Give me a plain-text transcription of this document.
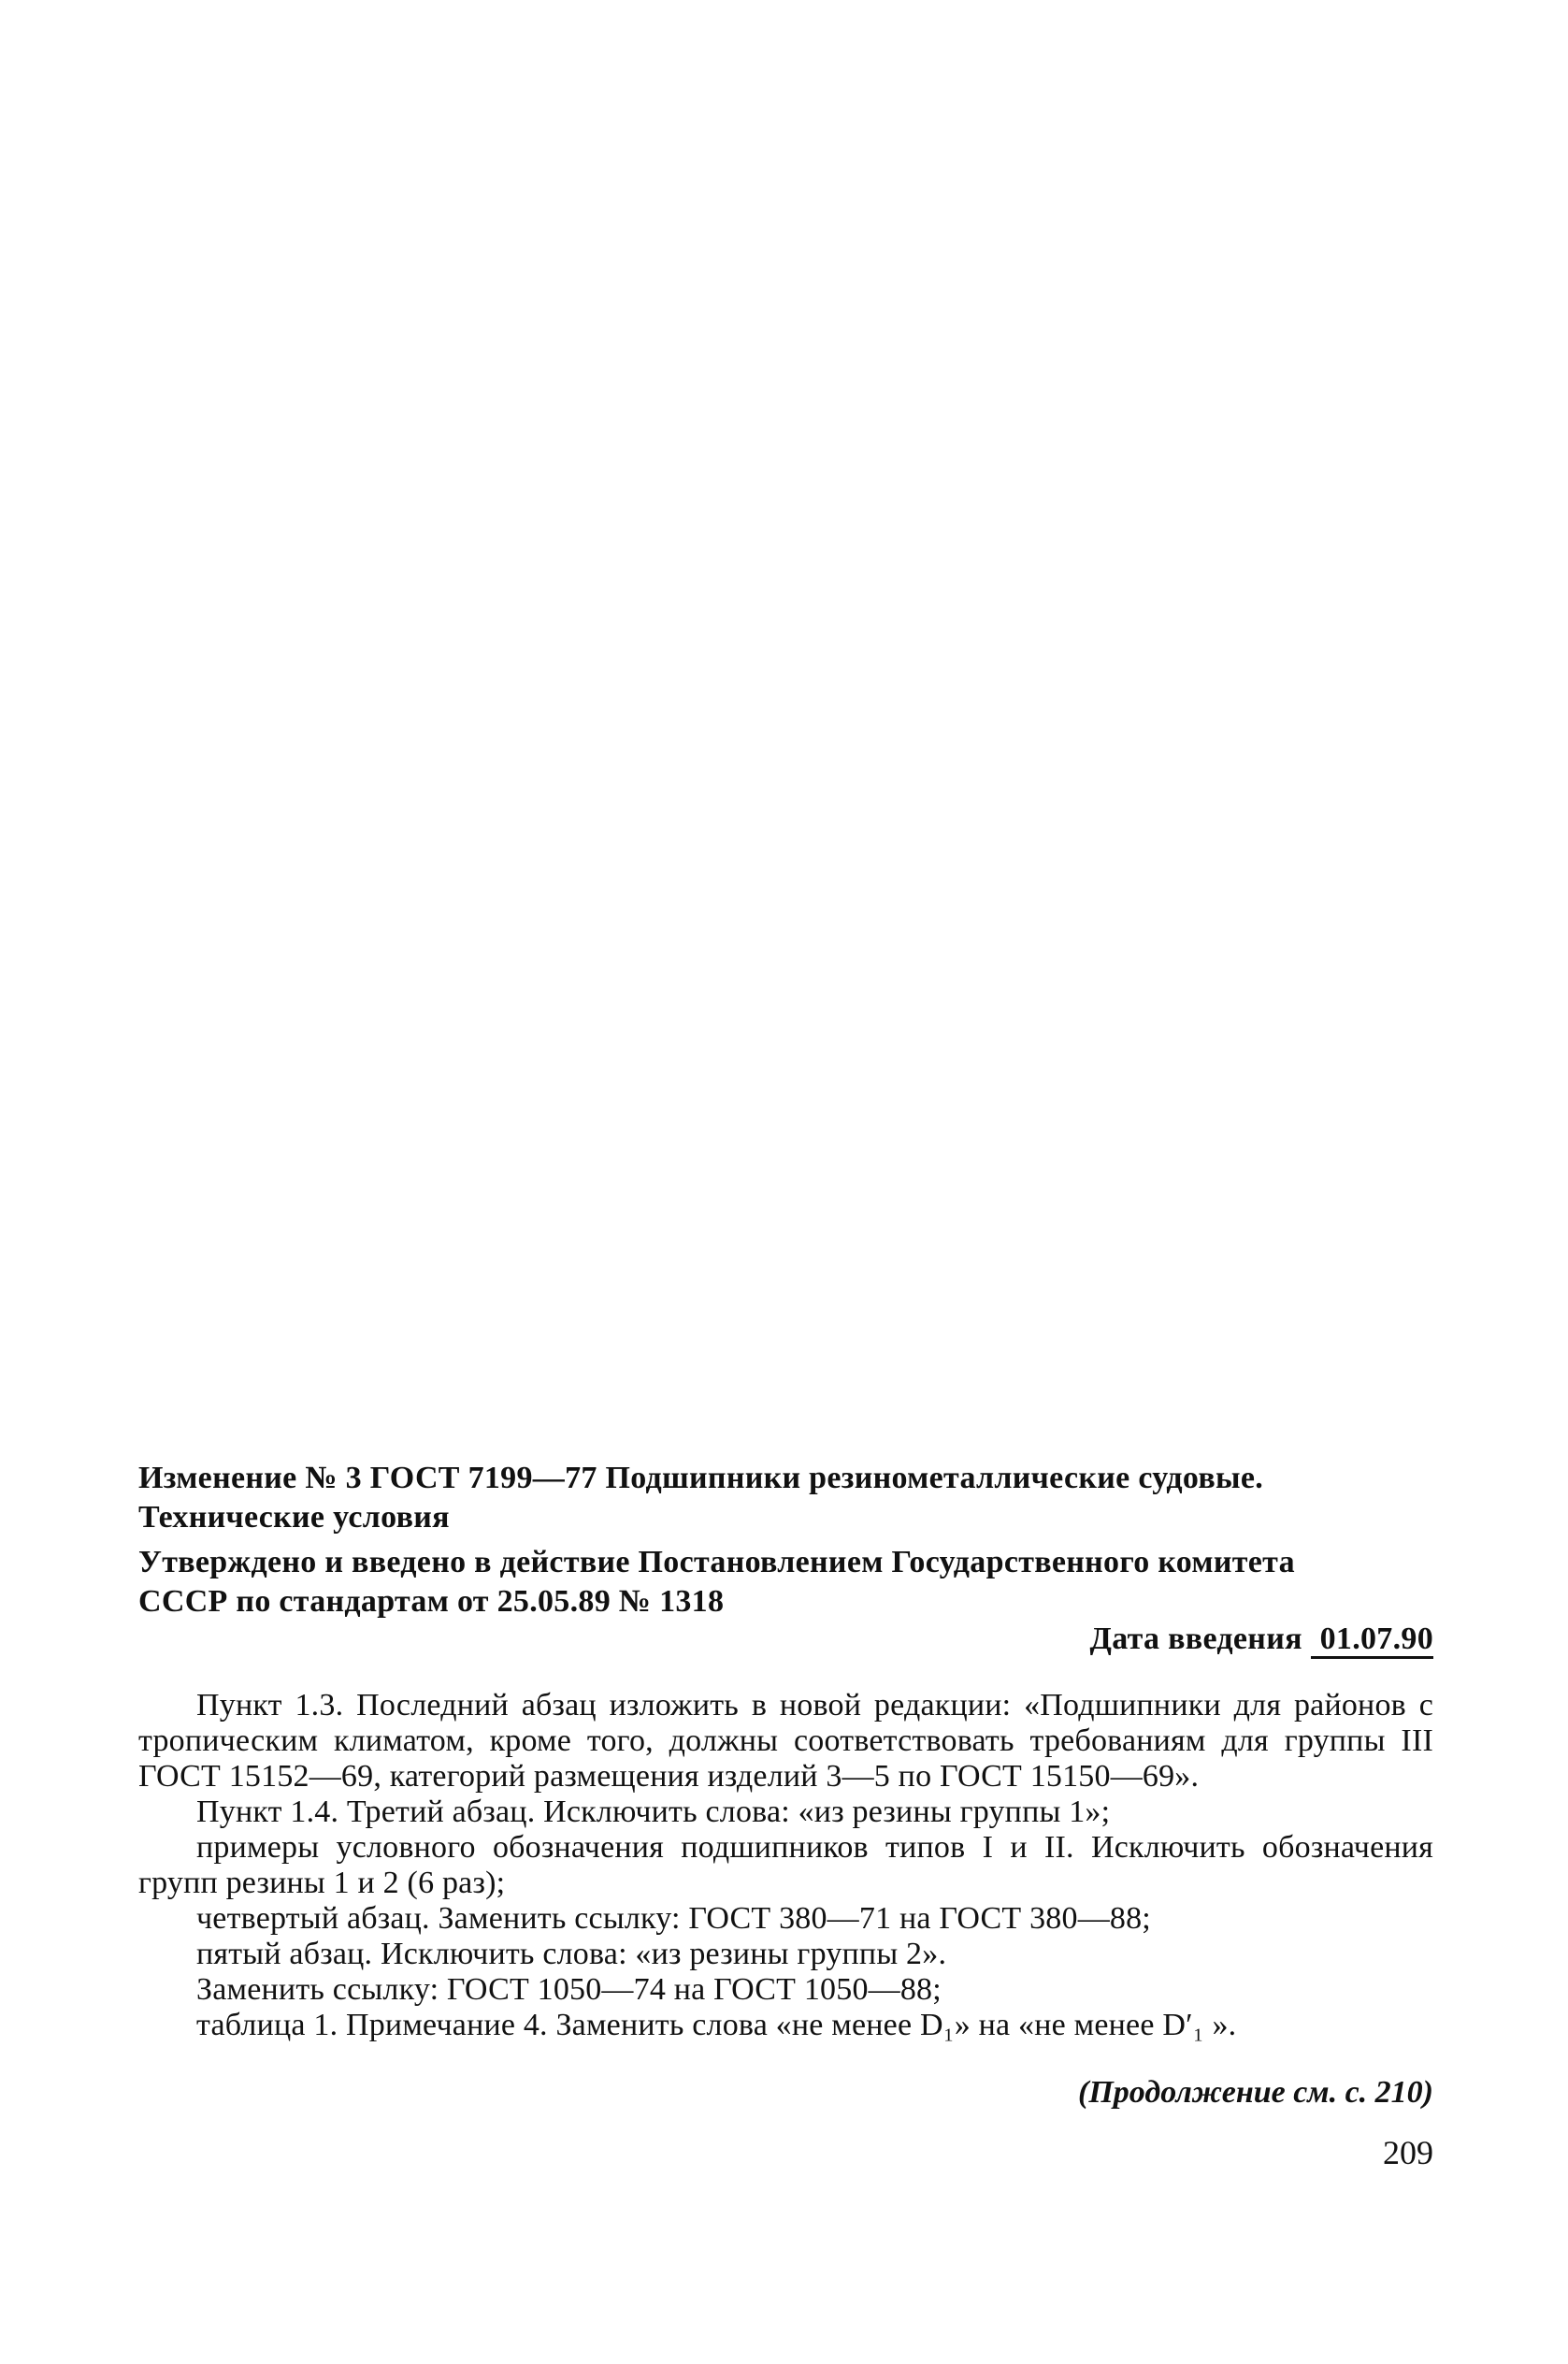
Изменение № 3 ГОСТ 7199—77 Подшипники резинометаллические судовые.

Технические условия

Утверждено и введено в действие Постановлением Государственного комитета

СССР по стандартам от 25.05.89 № 1318

Дата введения 01.07.90

Пункт 1.3. Последний абзац изложить в новой редакции: «Подшипники для районов с тропическим климатом, кроме того, должны соответствовать требованиям для группы III ГОСТ 15152—69, категорий размещения изделий 3—5 по ГОСТ 15150—69».

Пункт 1.4. Третий абзац. Исключить слова: «из резины группы 1»;

примеры условного обозначения подшипников типов I и II. Исключить обозначения групп резины 1 и 2 (6 раз);

четвертый абзац. Заменить ссылку: ГОСТ 380—71 на ГОСТ 380—88;

пятый абзац. Исключить слова: «из резины группы 2».

Заменить ссылку: ГОСТ 1050—74 на ГОСТ 1050—88;

таблица 1. Примечание 4. Заменить слова «не менее D₁» на «не менее D′₁ ».

(Продолжение см. с. 210)
209
